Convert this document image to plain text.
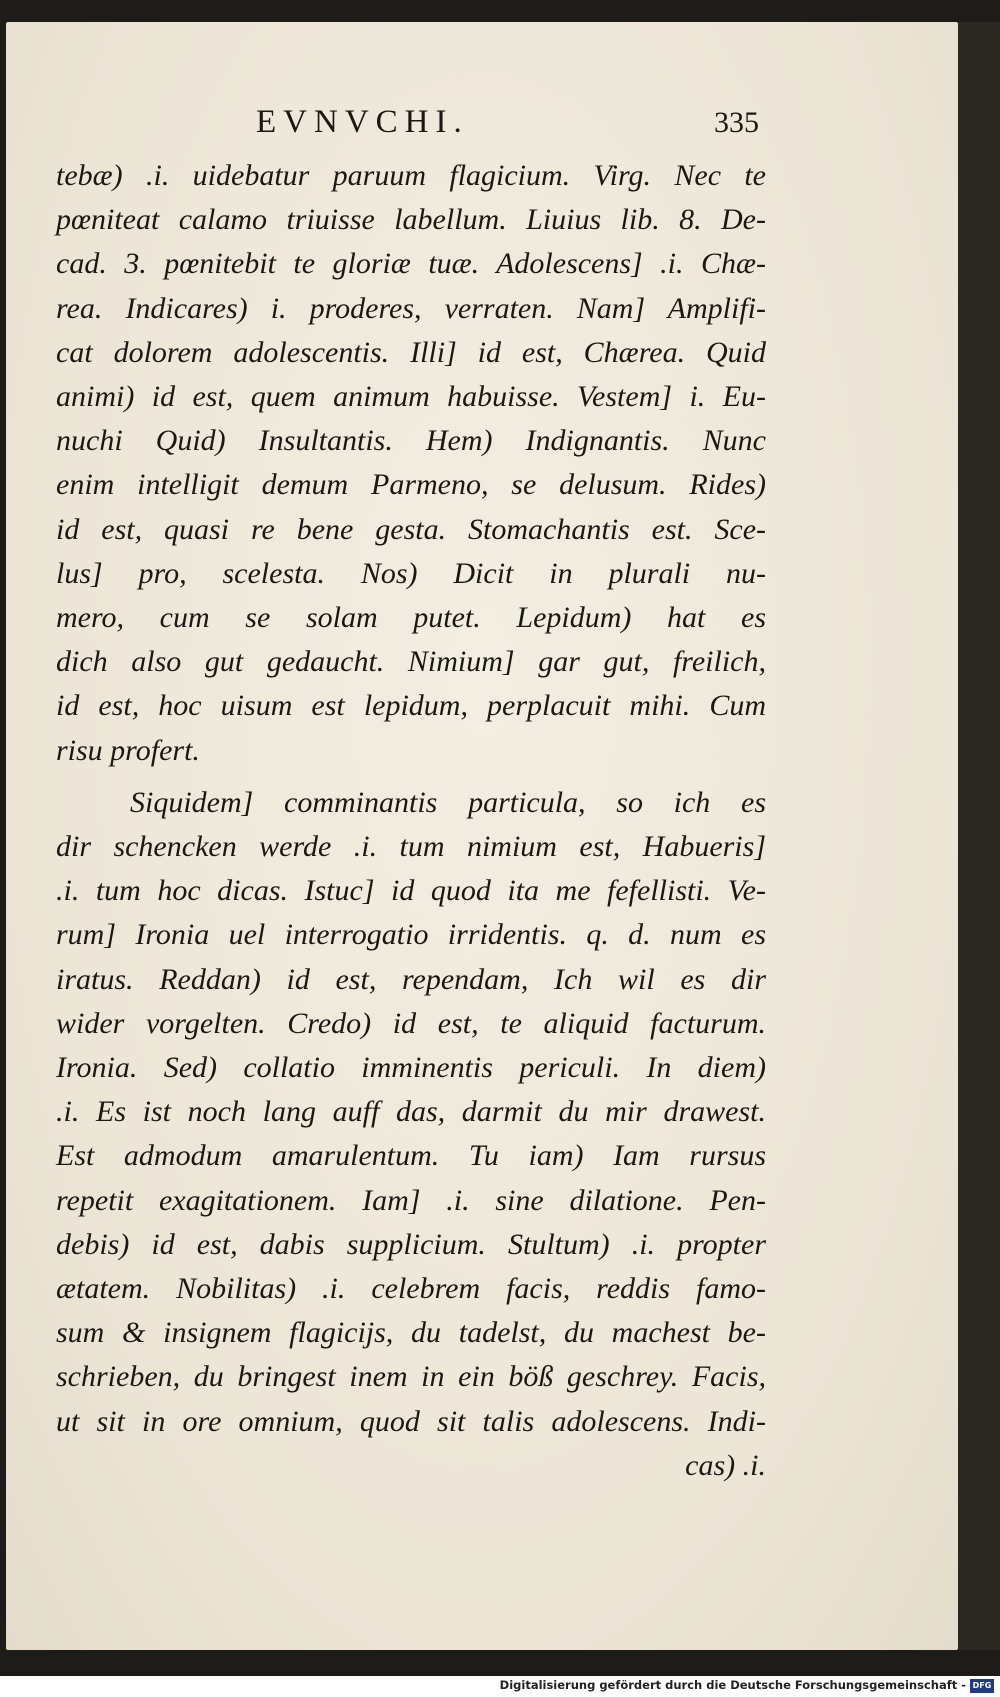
EVNVCHI.	335
tebæ) .i. uidebatur paruum flagicium. Virg. Nec te
pœniteat calamo triuisse labellum. Liuius lib. 8. De-
cad. 3. pœnitebit te gloriæ tuæ. Adolescens] .i. Chæ-
rea. Indicares) i. proderes, verraten. Nam] Amplifi-
cat dolorem adolescentis. Illi] id est, Chærea. Quid
animi) id est, quem animum habuisse. Vestem] i. Eu-
nuchi Quid) Insultantis. Hem) Indignantis. Nunc
enim intelligit demum Parmeno, se delusum. Rides)
id est, quasi re bene gesta. Stomachantis est. Sce-
lus] pro, scelesta. Nos) Dicit in plurali nu-
mero, cum se solam putet. Lepidum) hat es
dich also gut gedaucht. Nimium] gar gut, freilich,
id est, hoc uisum est lepidum, perplacuit mihi. Cum
risu profert.
Siquidem] comminantis particula, so ich es
dir schencken werde .i. tum nimium est, Habueris]
.i. tum hoc dicas. Istuc] id quod ita me fefellisti. Ve-
rum] Ironia uel interrogatio irridentis. q. d. num es
iratus. Reddan) id est, rependam, Ich wil es dir
wider vorgelten. Credo) id est, te aliquid facturum.
Ironia. Sed) collatio imminentis periculi. In diem)
.i. Es ist noch lang auff das, darmit du mir drawest.
Est admodum amarulentum. Tu iam) Iam rursus
repetit exagitationem. Iam] .i. sine dilatione. Pen-
debis) id est, dabis supplicium. Stultum) .i. propter
ætatem. Nobilitas) .i. celebrem facis, reddis famo-
sum & insignem flagicijs, du tadelst, du machest be-
schrieben, du bringest inem in ein böß geschrey. Facis,
ut sit in ore omnium, quod sit talis adolescens. Indi-
cas) .i.
Digitalisierung gefördert durch die Deutsche Forschungsgemeinschaft - DFG
